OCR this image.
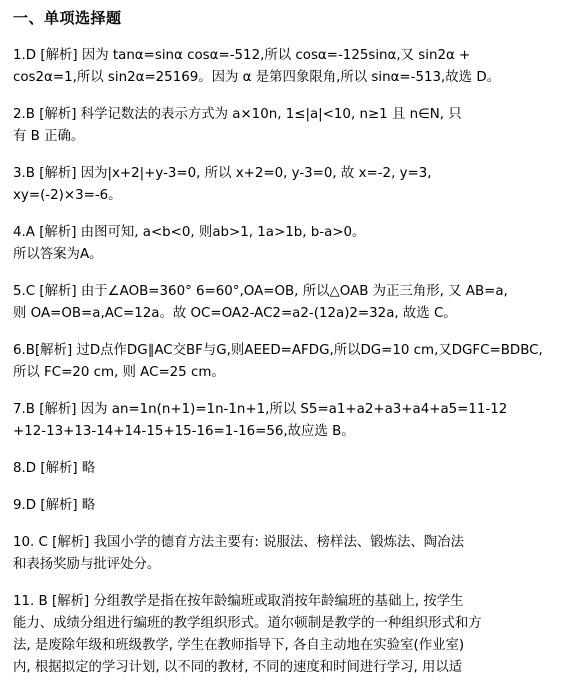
一、单项选择题
1.D [解析] 因为 tanα=sinα cosα=-512,所以 cosα=-125sinα,又 sin2α +
cos2α=1,所以 sin2α=25169。因为 α 是第四象限角,所以 sinα=-513,故选 D。
2.B [解析] 科学记数法的表示方式为 a×10n, 1≤|a|<10, n≥1 且 n∈N, 只
有 B 正确。
3.B [解析] 因为|x+2|+y-3=0, 所以 x+2=0, y-3=0, 故 x=-2, y=3,
xy=(-2)×3=-6。
4.A [解析] 由图可知, a<b<0, 则ab>1, 1a>1b, b-a>0。
所以答案为A。
5.C [解析] 由于∠AOB=360° 6=60°,OA=OB, 所以△OAB 为正三角形, 又 AB=a,
则 OA=OB=a,AC=12a。故 OC=OA2-AC2=a2-(12a)2=32a, 故选 C。
6.B[解析] 过D点作DG∥AC交BF与G,则AEED=AFDG,所以DG=10 cm,又DGFC=BDBC,
所以 FC=20 cm, 则 AC=25 cm。
7.B [解析] 因为 an=1n(n+1)=1n-1n+1,所以 S5=a1+a2+a3+a4+a5=11-12
+12-13+13-14+14-15+15-16=1-16=56,故应选 B。
8.D [解析] 略
9.D [解析] 略
10. C [解析] 我国小学的德育方法主要有: 说服法、榜样法、锻炼法、陶冶法
和表扬奖励与批评处分。
11. B [解析] 分组教学是指在按年龄编班或取消按年龄编班的基础上, 按学生
能力、成绩分组进行编班的教学组织形式。道尔顿制是教学的一种组织形式和方
法, 是废除年级和班级教学, 学生在教师指导下, 各自主动地在实验室(作业室)
内, 根据拟定的学习计划, 以不同的教材, 不同的速度和时间进行学习, 用以适
